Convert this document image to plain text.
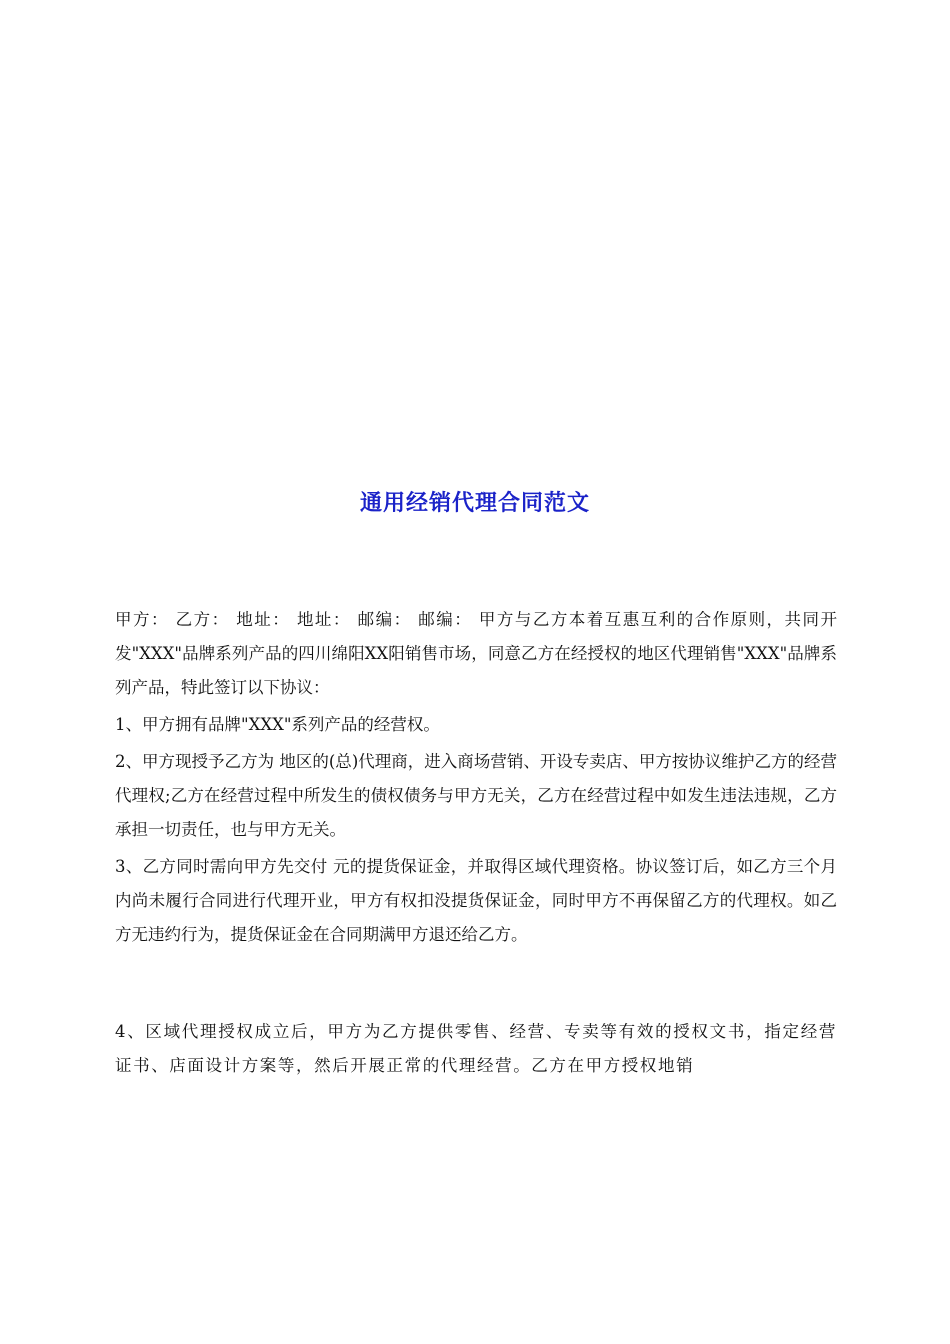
通用经销代理合同范文

甲方： 乙方： 地址： 地址： 邮编： 邮编： 甲方与乙方本着互惠互利的合作原则，共同开发"XXX"品牌系列产品的四川绵阳XX阳销售市场，同意乙方在经授权的地区代理销售"XXX"品牌系列产品，特此签订以下协议：

1、甲方拥有品牌"XXX"系列产品的经营权。

2、甲方现授予乙方为 地区的(总)代理商，进入商场营销、开设专卖店、甲方按协议维护乙方的经营代理权;乙方在经营过程中所发生的债权债务与甲方无关，乙方在经营过程中如发生违法违规，乙方承担一切责任，也与甲方无关。

3、乙方同时需向甲方先交付 元的提货保证金，并取得区域代理资格。协议签订后，如乙方三个月内尚未履行合同进行代理开业，甲方有权扣没提货保证金，同时甲方不再保留乙方的代理权。如乙方无违约行为，提货保证金在合同期满甲方退还给乙方。

4、区域代理授权成立后，甲方为乙方提供零售、经营、专卖等有效的授权文书，指定经营证书、店面设计方案等，然后开展正常的代理经营。乙方在甲方授权地销
